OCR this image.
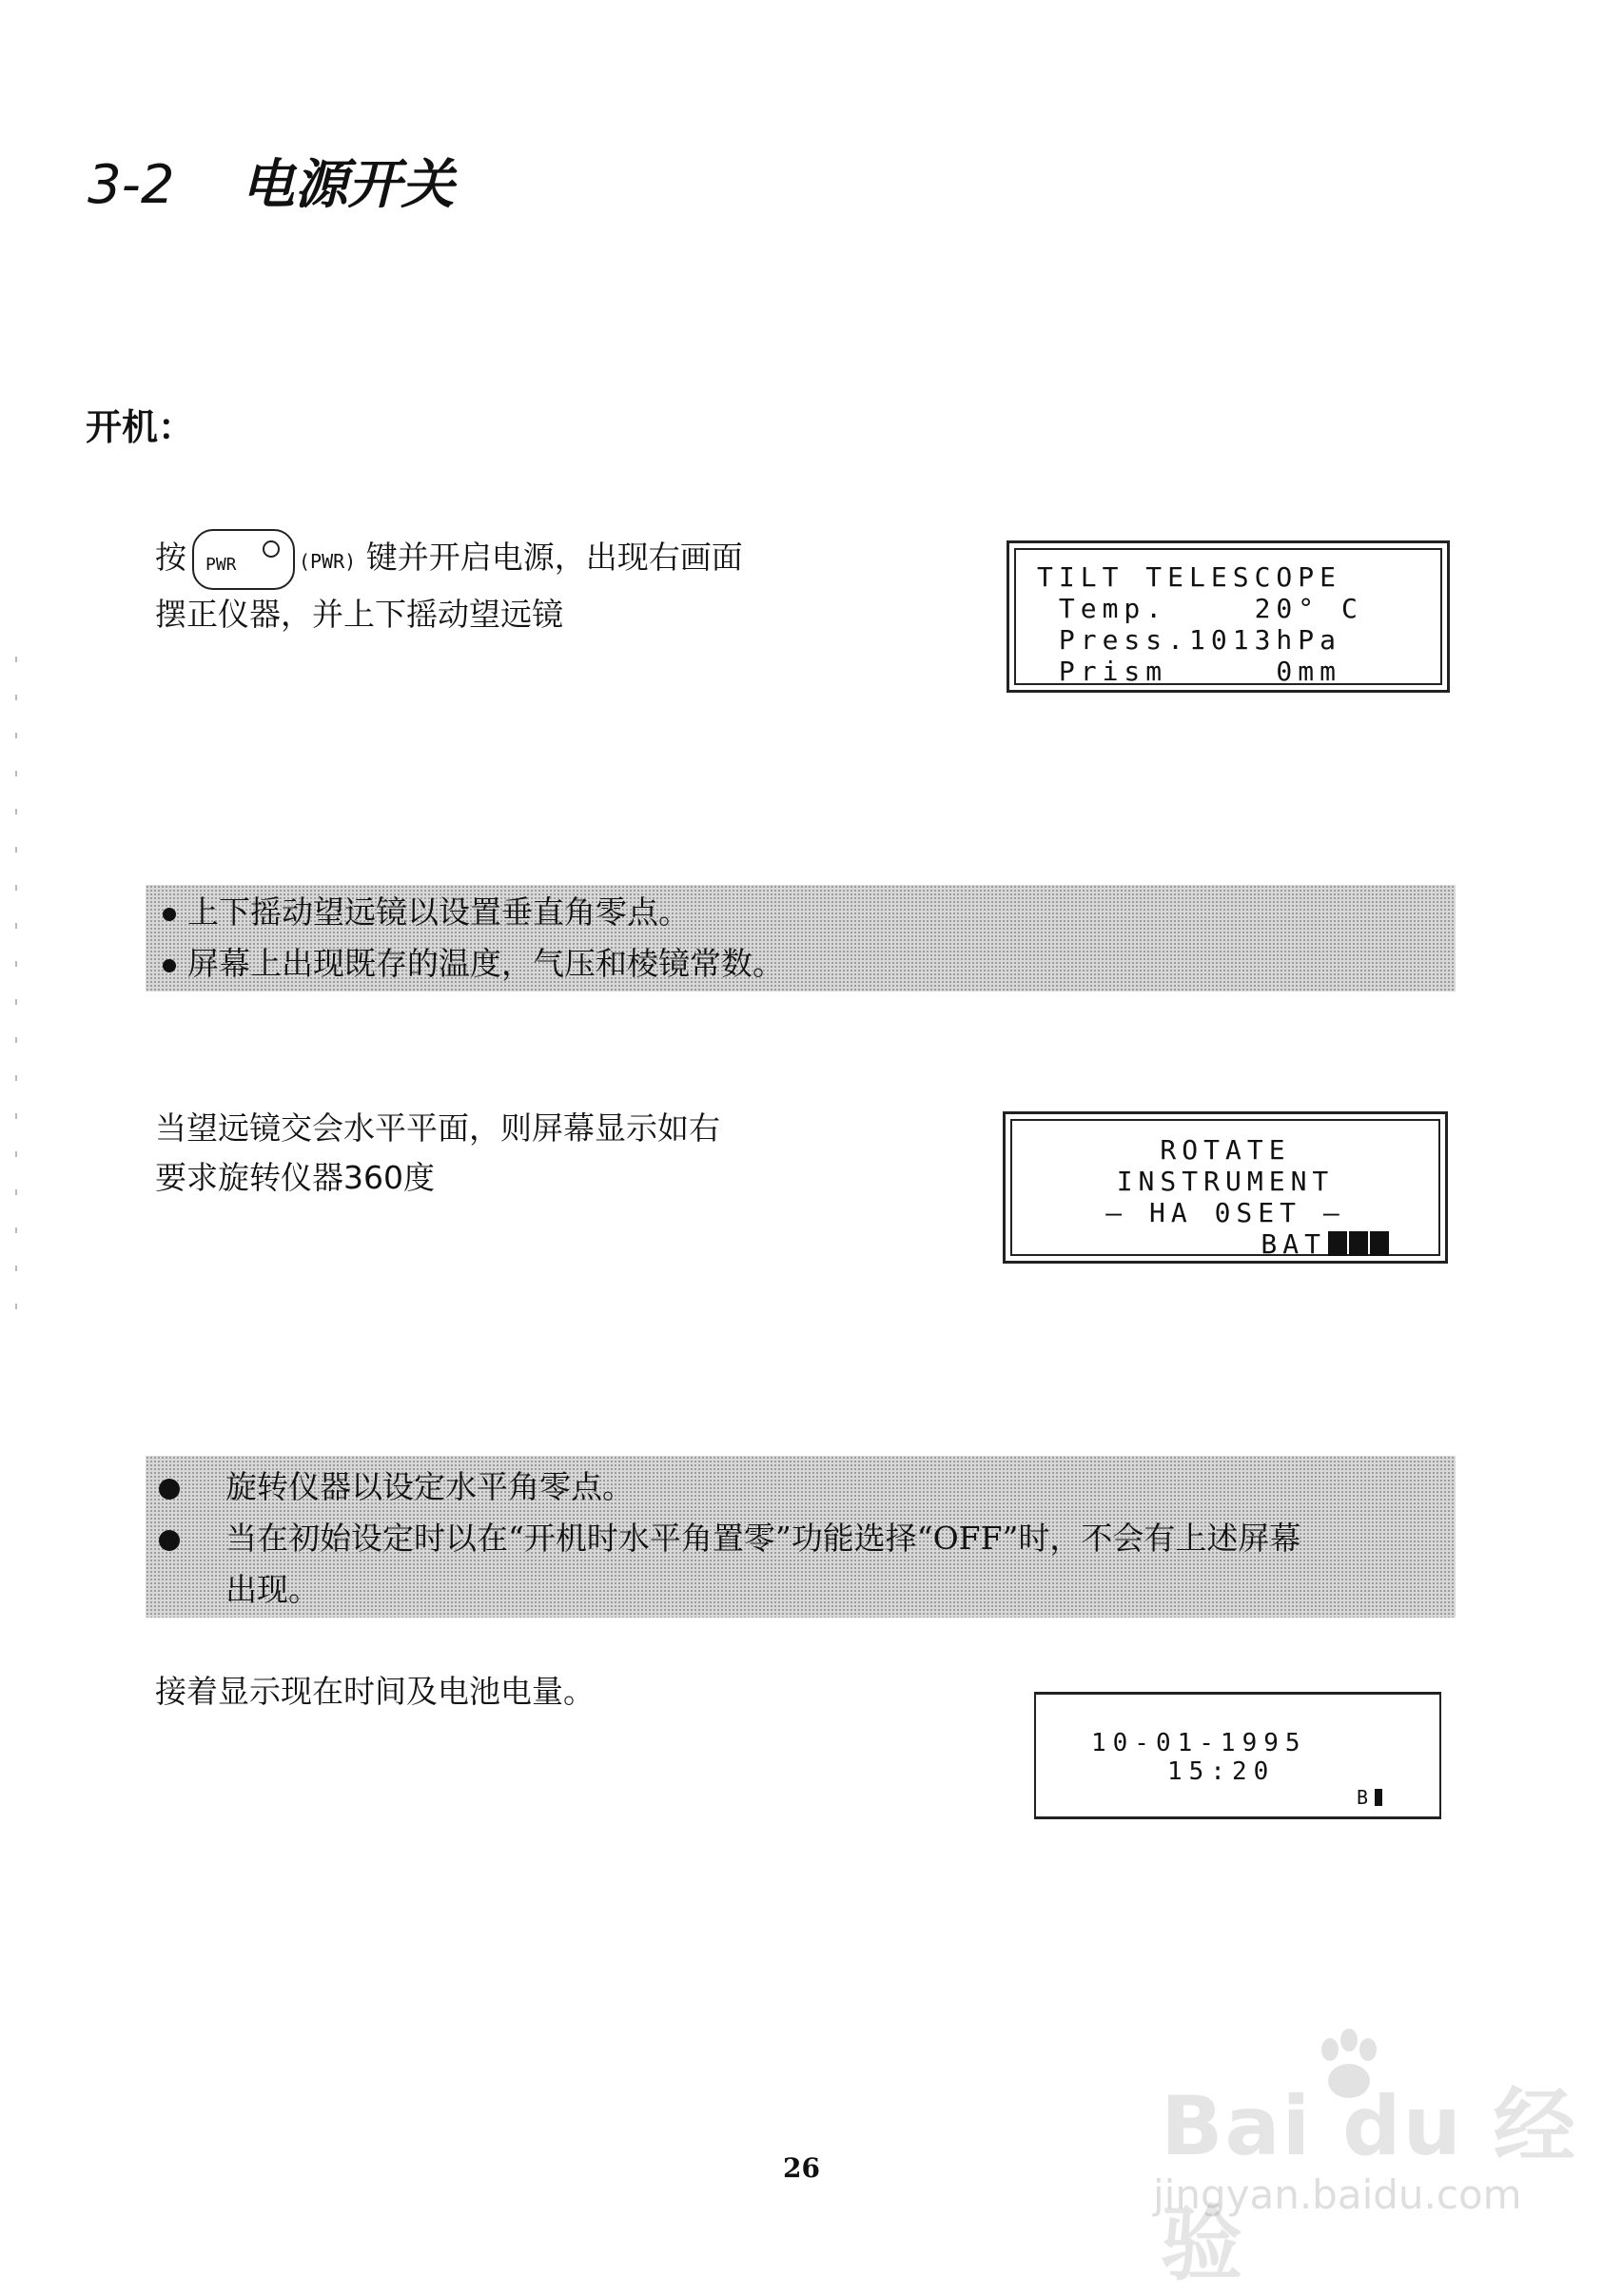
3-2 电源开关
开机：
按 PWR	(PWR) 键并开启电源，出现右画面
摆正仪器，并上下摇动望远镜
TILT TELESCOPE
Temp.    20° C
Press.1013hPa
Prism     0mm
上下摇动望远镜以设置垂直角零点。
屏幕上出现既存的温度，气压和棱镜常数。
当望远镜交会水平平面，则屏幕显示如右
要求旋转仪器360度
ROTATE
INSTRUMENT
— HA 0SET —
BAT
旋转仪器以设定水平角零点。
当在初始设定时以在“开机时水平角置零”功能选择“OFF”时，不会有上述屏幕
出现。
接着显示现在时间及电池电量。
10-01-1995
15:20
B
26	Bai du 经验
jingyan.baidu.com
